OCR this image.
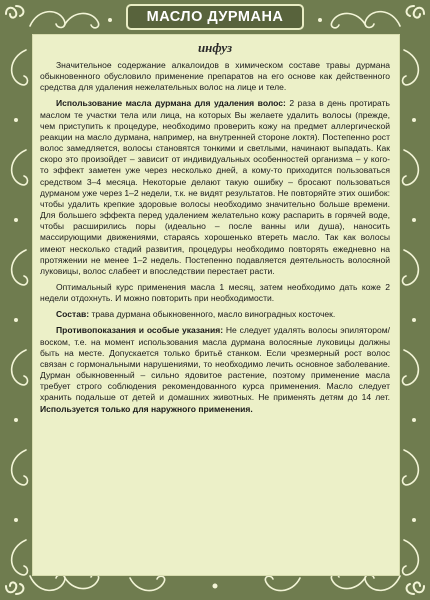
МАСЛО ДУРМАНА
инфуз

Значительное содержание алкалоидов в химическом составе травы дурмана обыкновенного обусловило применение препаратов на его основе как действенного средства для удаления нежелательных волос на лице и теле.

Использование масла дурмана для удаления волос: 2 раза в день протирать маслом те участки тела или лица, на которых Вы желаете удалить волосы (прежде, чем приступить к процедуре, необходимо проверить кожу на предмет аллергической реакции на масло дурмана, например, на внутренней стороне локтя). Постепенно рост волос замедляется, волосы становятся тонкими и светлыми, начинают выпадать. Как скоро это произойдет – зависит от индивидуальных особенностей организма – у кого-то эффект заметен уже через несколько дней, а кому-то приходится пользоваться средством 3–4 месяца. Некоторые делают такую ошибку – бросают пользоваться дурманом уже через 1–2 недели, т.к. не видят результатов. Не повторяйте этих ошибок: чтобы удалить крепкие здоровые волосы необходимо значительно больше времени. Для большего эффекта перед удалением желательно кожу распарить в горячей воде, чтобы расширились поры (идеально – после ванны или душа), наносить массирующими движениями, стараясь хорошенько втереть масло. Так как волосы имеют несколько стадий развития, процедуры необходимо повторять ежедневно на протяжении не менее 1–2 недель. Постепенно подавляется деятельность волосяной луковицы, волос слабеет и впоследствии перестает расти.

Оптимальный курс применения масла 1 месяц, затем необходимо дать коже 2 недели отдохнуть. И можно повторить при необходимости.

Состав: трава дурмана обыкновенного, масло виноградных косточек.

Противопоказания и особые указания: Не следует удалять волосы эпилятором/воском, т.е. на момент использования масла дурмана волосяные луковицы должны быть на месте. Допускается только бритьё станком. Если чрезмерный рост волос связан с гормональными нарушениями, то необходимо лечить основное заболевание. Дурман обыкновенный – сильно ядовитое растение, поэтому применение масла требует строго соблюдения рекомендованного курса применения. Масло следует хранить подальше от детей и домашних животных. Не применять детям до 14 лет. Используется только для наружного применения.
